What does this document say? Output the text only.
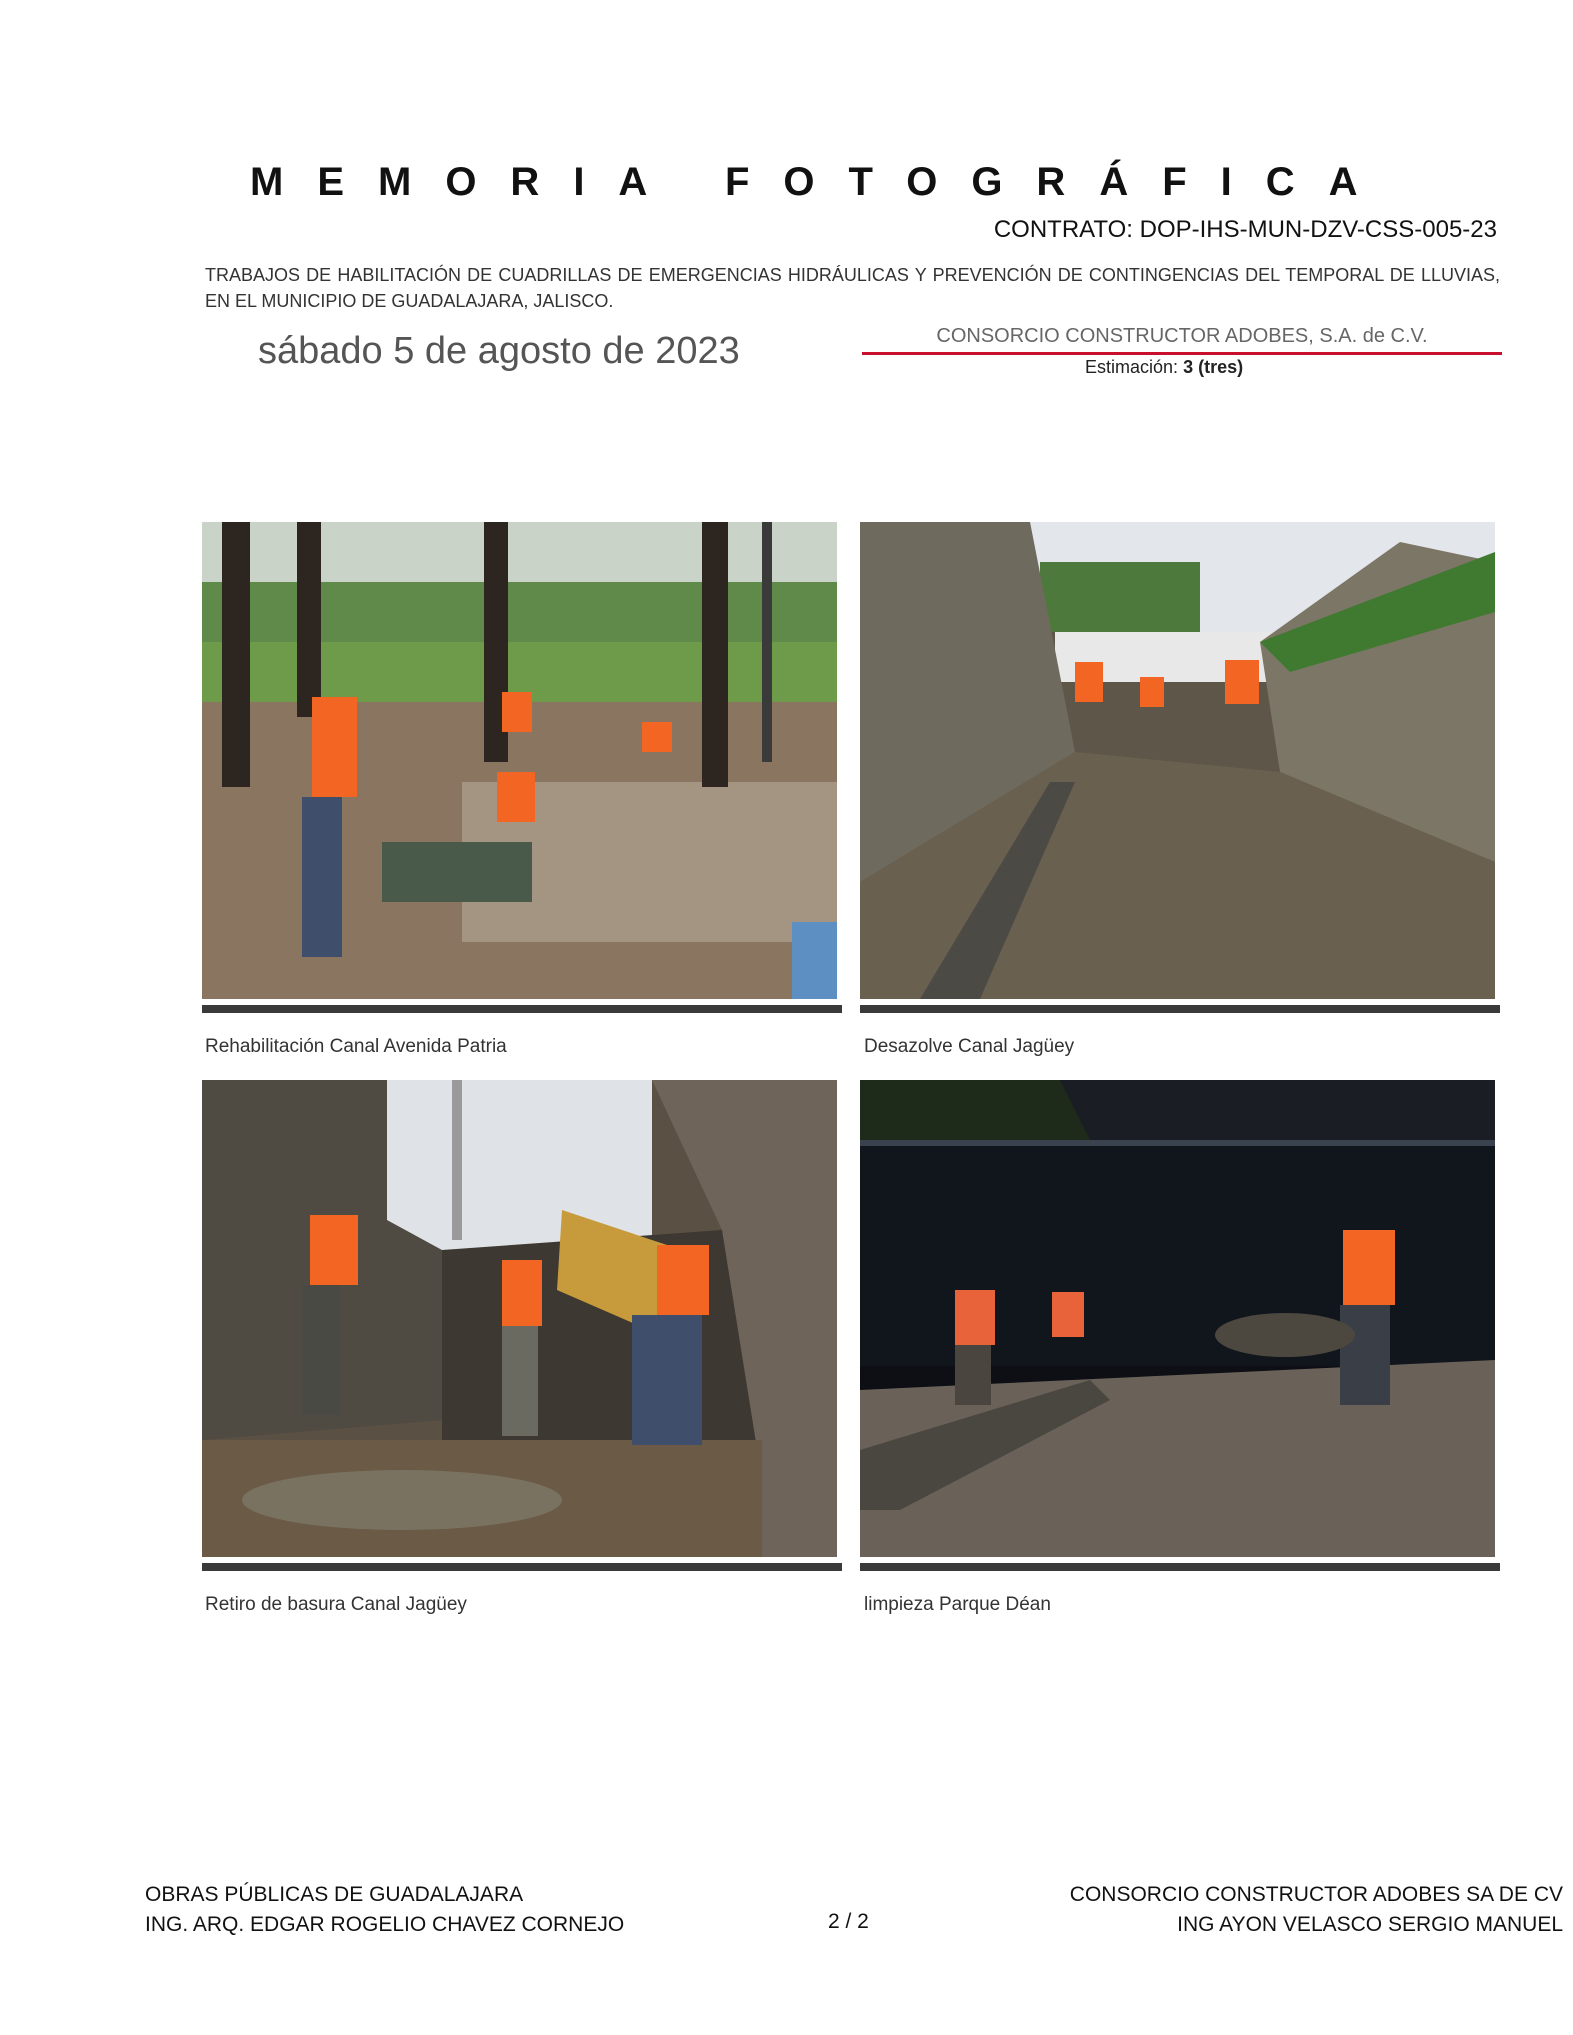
MEMORIA FOTOGRÁFICA
CONTRATO: DOP-IHS-MUN-DZV-CSS-005-23
TRABAJOS DE HABILITACIÓN DE CUADRILLAS DE EMERGENCIAS HIDRÁULICAS Y PREVENCIÓN DE CONTINGENCIAS DEL TEMPORAL DE LLUVIAS, EN EL MUNICIPIO DE GUADALAJARA, JALISCO.
sábado 5 de agosto de 2023	CONSORCIO CONSTRUCTOR ADOBES, S.A. de C.V.
Estimación: 3 (tres)
Rehabilitación Canal Avenida Patria	Desazolve Canal Jagüey
Retiro de basura Canal Jagüey	limpieza Parque Déan
OBRAS PÚBLICAS DE GUADALAJARA
ING. ARQ. EDGAR ROGELIO CHAVEZ CORNEJO	2 / 2
CONSORCIO CONSTRUCTOR ADOBES SA DE CV
ING AYON VELASCO SERGIO MANUEL
